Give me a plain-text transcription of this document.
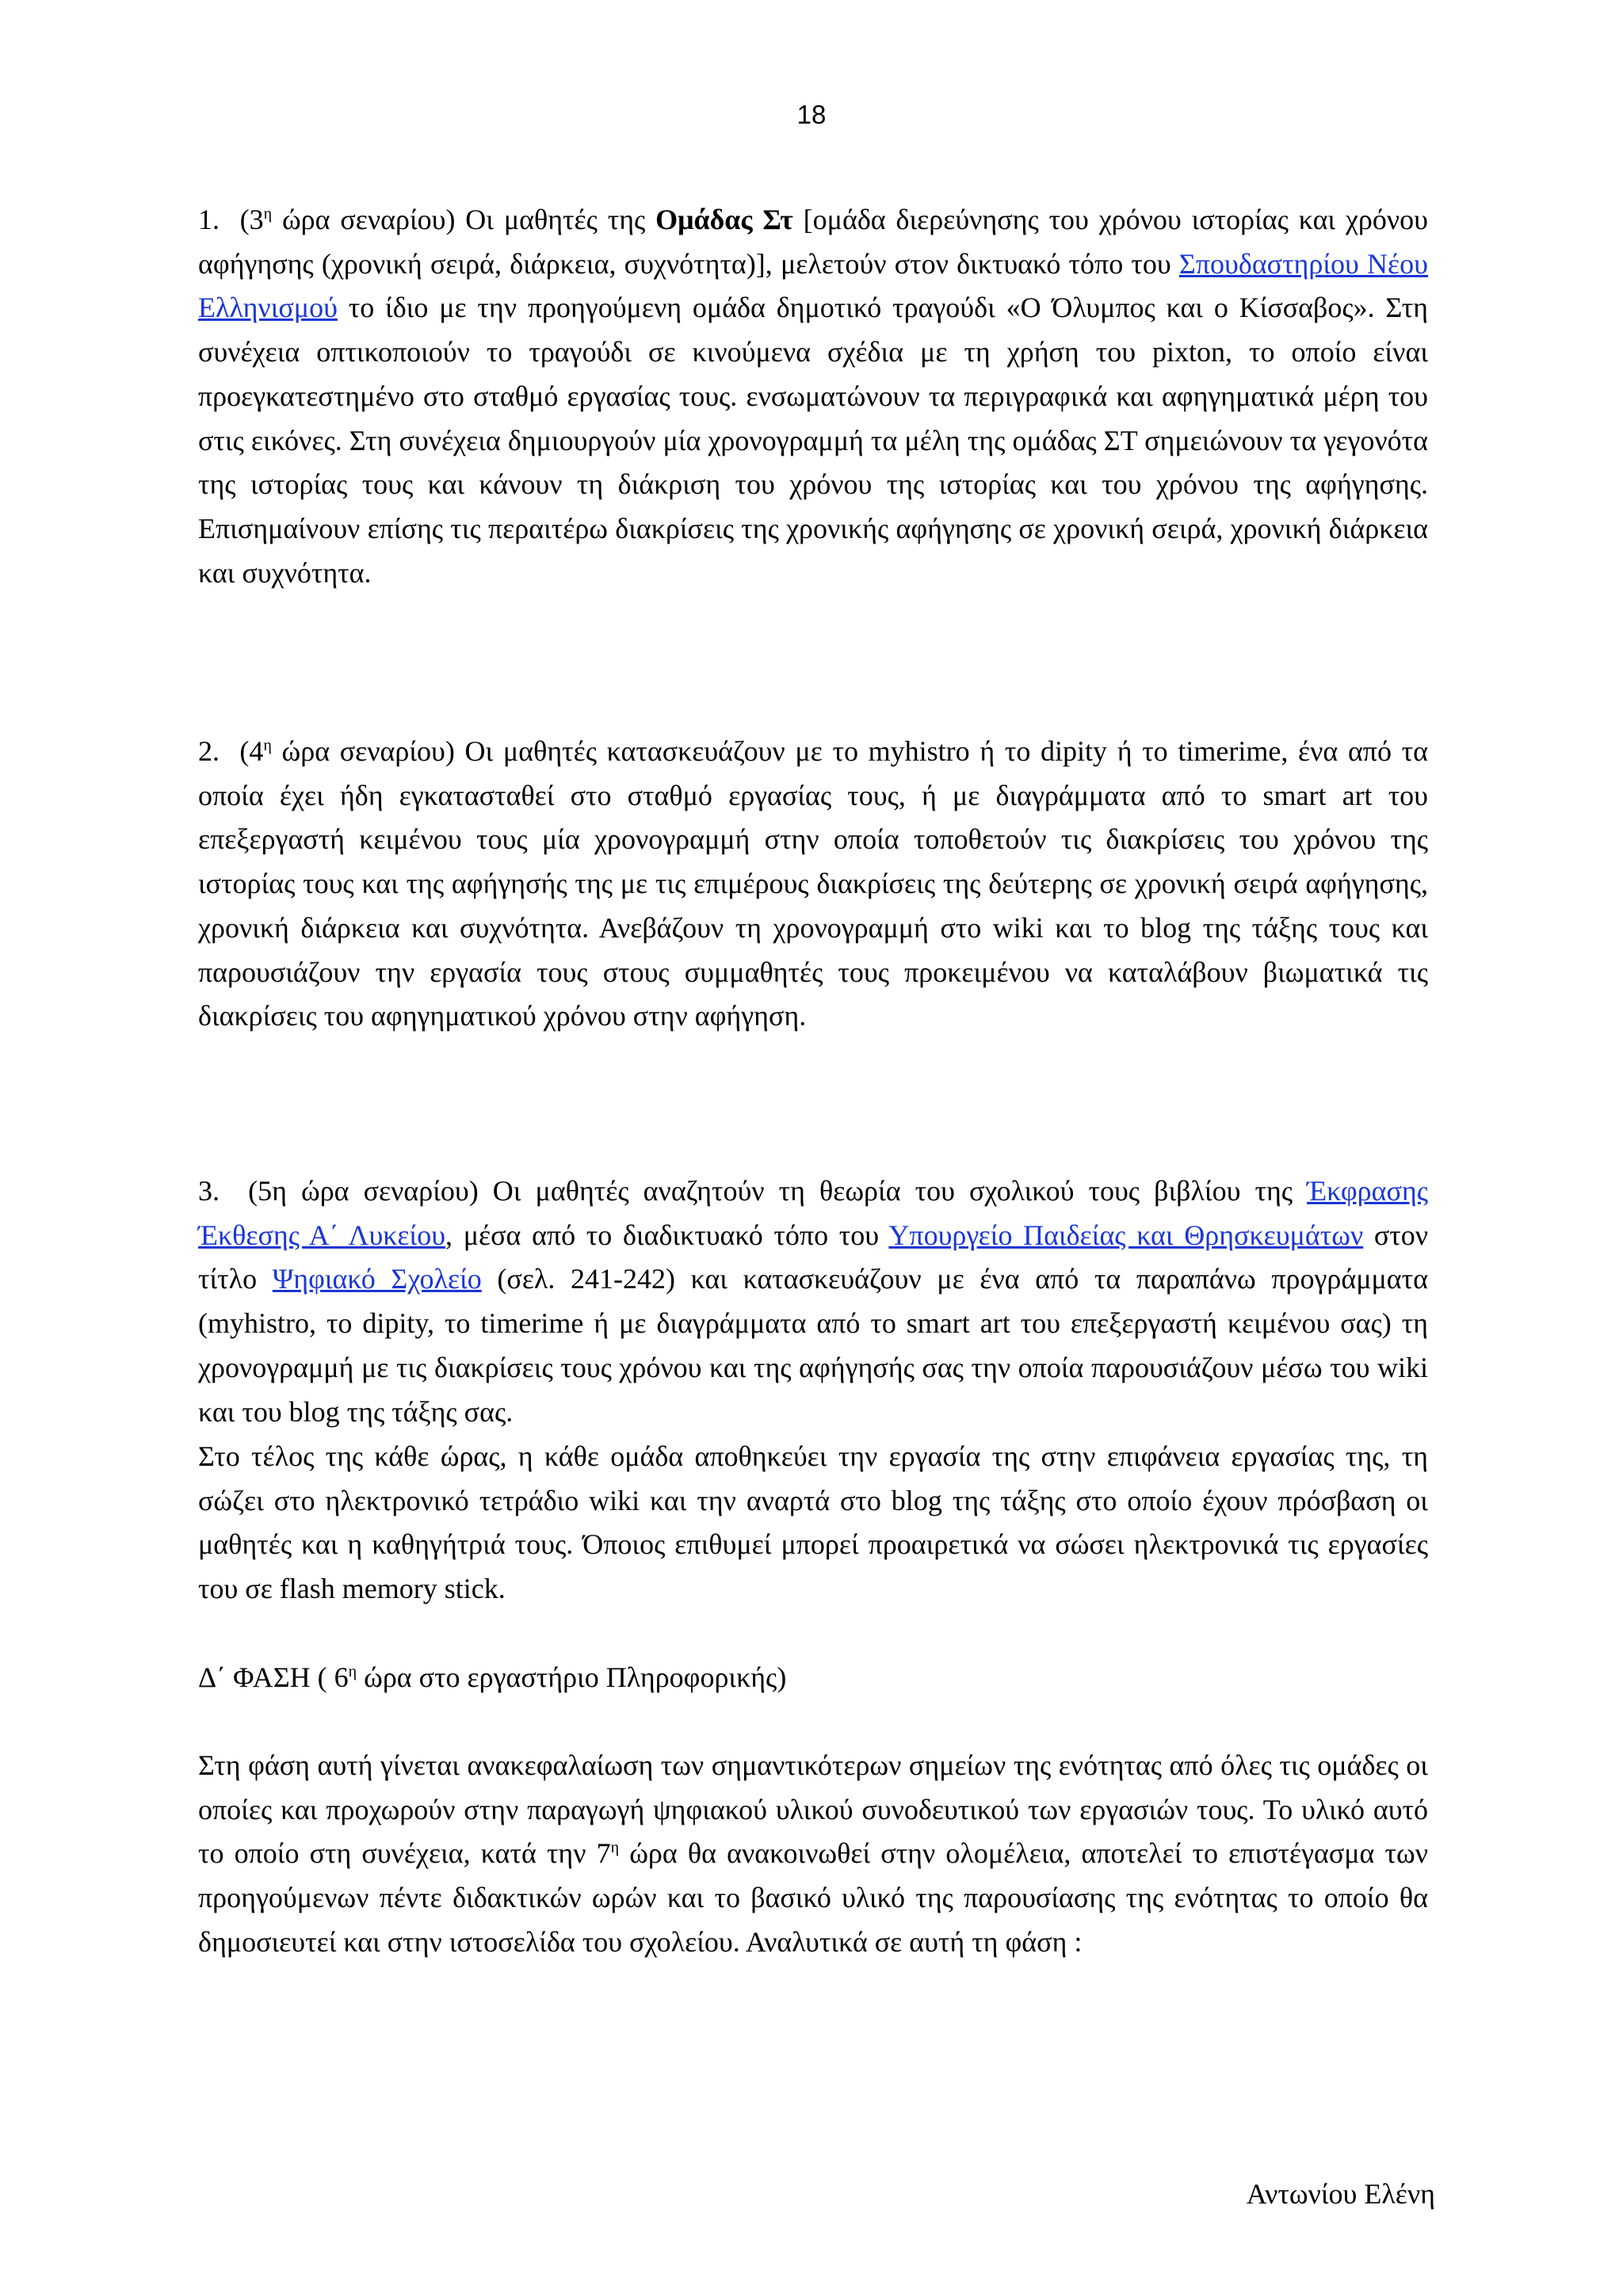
18

1. ($3^\eta$ ώρα σεναρίου) Οι μαθητές της Ομάδας Στ [ομάδα διερεύνησης του χρόνου ιστορίας και χρόνου αφήγησης (χρονική σειρά, διάρκεια, συχνότητα)], μελετούν στον δικτυακό τόπο του Σπουδαστηρίου Νέου Ελληνισμού το ίδιο με την προηγούμενη ομάδα δημοτικό τραγούδι «Ο Όλυμπος και ο Κίσσαβος». Στη συνέχεια οπτικοποιούν το τραγούδι σε κινούμενα σχέδια με τη χρήση του pixton, το οποίο είναι προεγκατεστημένο στο σταθμό εργασίας τους. ενσωματώνουν τα περιγραφικά και αφηγηματικά μέρη του στις εικόνες. Στη συνέχεια δημιουργούν μία χρονογραμμή τα μέλη της ομάδας ΣΤ σημειώνουν τα γεγονότα της ιστορίας τους και κάνουν τη διάκριση του χρόνου της ιστορίας και του χρόνου της αφήγησης. Επισημαίνουν επίσης τις περαιτέρω διακρίσεις της χρονικής αφήγησης σε χρονική σειρά, χρονική διάρκεια και συχνότητα.

2. ($4^\eta$ ώρα σεναρίου) Οι μαθητές κατασκευάζουν με το myhistro ή το dipity ή το timerime, ένα από τα οποία έχει ήδη εγκατασταθεί στο σταθμό εργασίας τους, ή με διαγράμματα από το smart art του επεξεργαστή κειμένου τους μία χρονογραμμή στην οποία τοποθετούν τις διακρίσεις του χρόνου της ιστορίας τους και της αφήγησής της με τις επιμέρους διακρίσεις της δεύτερης σε χρονική σειρά αφήγησης, χρονική διάρκεια και συχνότητα. Ανεβάζουν τη χρονογραμμή στο wiki και το blog της τάξης τους και παρουσιάζουν την εργασία τους στους συμμαθητές τους προκειμένου να καταλάβουν βιωματικά τις διακρίσεις του αφηγηματικού χρόνου στην αφήγηση.

3. (5η ώρα σεναρίου) Οι μαθητές αναζητούν τη θεωρία του σχολικού τους βιβλίου της Έκφρασης Έκθεσης Α΄ Λυκείου, μέσα από το διαδικτυακό τόπο του Υπουργείο Παιδείας και Θρησκευμάτων στον τίτλο Ψηφιακό Σχολείο (σελ. 241-242) και κατασκευάζουν με ένα από τα παραπάνω προγράμματα (myhistro, το dipity, το timerime ή με διαγράμματα από το smart art του επεξεργαστή κειμένου σας) τη χρονογραμμή με τις διακρίσεις τους χρόνου και της αφήγησής σας την οποία παρουσιάζουν μέσω του wiki και του blog της τάξης σας.

Στο τέλος της κάθε ώρας, η κάθε ομάδα αποθηκεύει την εργασία της στην επιφάνεια εργασίας της, τη σώζει στο ηλεκτρονικό τετράδιο wiki και την αναρτά στο blog της τάξης στο οποίο έχουν πρόσβαση οι μαθητές και η καθηγήτριά τους. Όποιος επιθυμεί μπορεί προαιρετικά να σώσει ηλεκτρονικά τις εργασίες του σε flash memory stick.

Δ΄ ΦΑΣΗ ( $6^\eta$ ώρα στο εργαστήριο Πληροφορικής)

Στη φάση αυτή γίνεται ανακεφαλαίωση των σημαντικότερων σημείων της ενότητας από όλες τις ομάδες οι οποίες και προχωρούν στην παραγωγή ψηφιακού υλικού συνοδευτικού των εργασιών τους. Το υλικό αυτό το οποίο στη συνέχεια, κατά την $7^\eta$ ώρα θα ανακοινωθεί στην ολομέλεια, αποτελεί το επιστέγασμα των προηγούμενων πέντε διδακτικών ωρών και το βασικό υλικό της παρουσίασης της ενότητας το οποίο θα δημοσιευτεί και στην ιστοσελίδα του σχολείου. Αναλυτικά σε αυτή τη φάση :

Αντωνίου Ελένη
